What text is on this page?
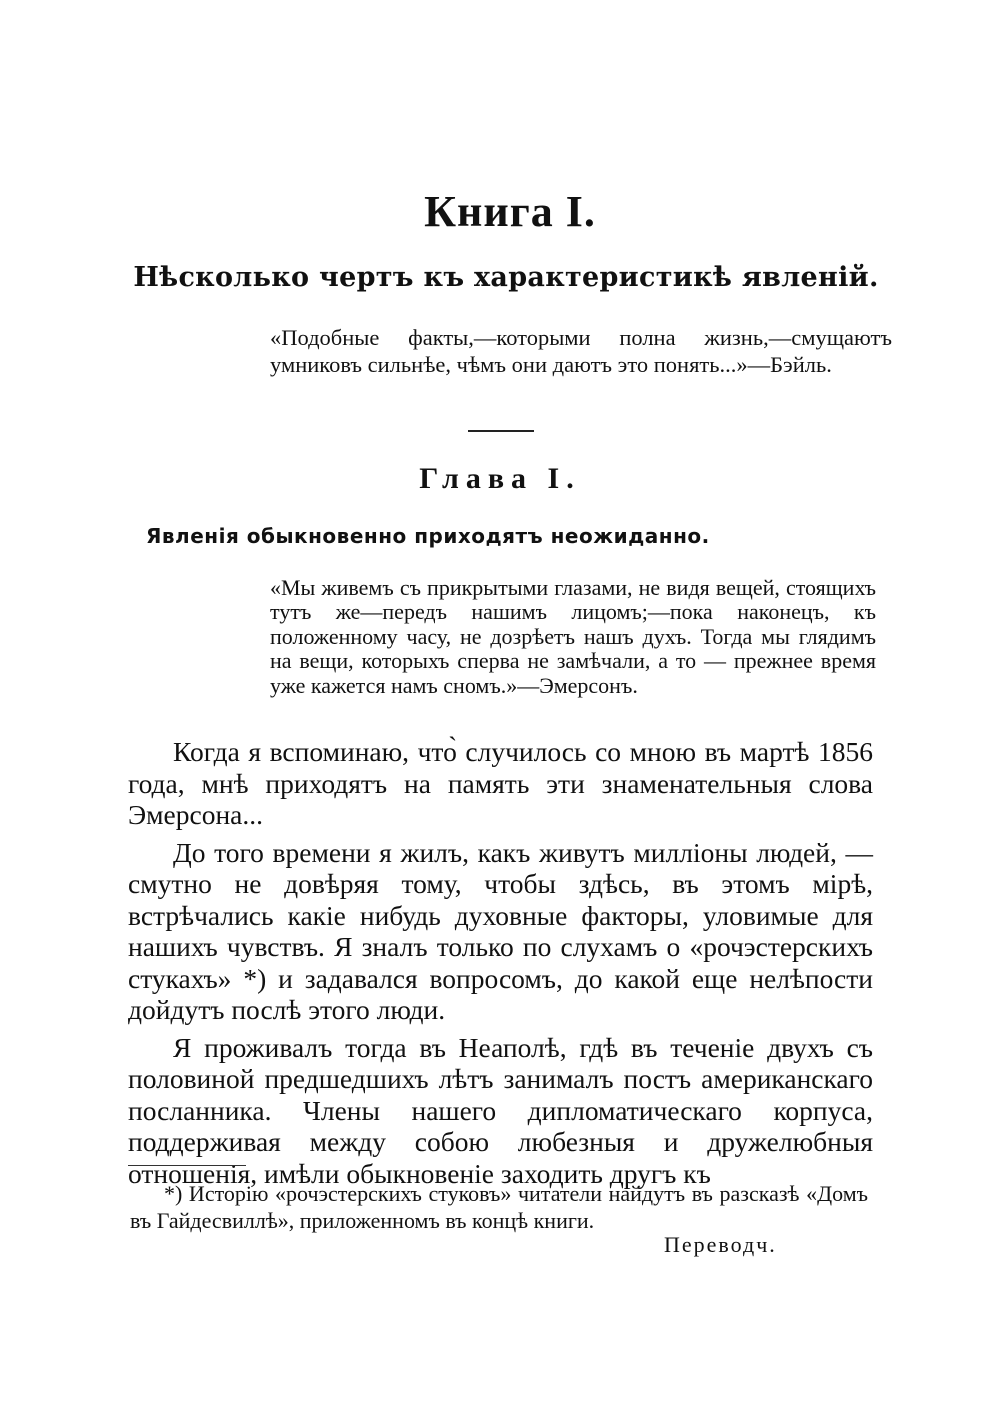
Книга I.
Нѣсколько чертъ къ характеристикѣ явленій.

«Подобные факты,—которыми полна жизнь,—смущаютъ умниковъ сильнѣе, чѣмъ они даютъ это понять...»—Бэйль.

Глава I.
Явленія обыкновенно приходятъ неожиданно.

«Мы живемъ съ прикрытыми глазами, не видя вещей, стоящихъ тутъ же—передъ нашимъ лицомъ;—пока наконецъ, къ положенному часу, не дозрѣетъ нашъ духъ. Тогда мы глядимъ на вещи, которыхъ сперва не замѣчали, а то — прежнее время уже кажется намъ сномъ.»—Эмерсонъ.

Когда я вспоминаю, что̀ случилось со мною въ мартѣ 1856 года, мнѣ приходятъ на память эти знаменательныя слова Эмерсона...

До того времени я жилъ, какъ живутъ милліоны людей, — смутно не довѣряя тому, чтобы здѣсь, въ этомъ мірѣ, встрѣчались какіе нибудь духовные факторы, уловимые для нашихъ чувствъ. Я зналъ только по слухамъ о «рочэстерскихъ стукахъ» *) и задавался вопросомъ, до какой еще нелѣпости дойдутъ послѣ этого люди.

Я проживалъ тогда въ Неаполѣ, гдѣ въ теченіе двухъ съ половиной предшедшихъ лѣтъ занималъ постъ американскаго посланника. Члены нашего дипломатическаго корпуса, поддерживая между собою любезныя и дружелюбныя отношенія, имѣли обыкновеніе заходить другъ къ

*) Исторію «рочэстерскихъ стуковъ» читатели найдутъ въ разсказѣ «Домъ въ Гайдесвиллѣ», приложенномъ въ концѣ книги.

Переводч.
